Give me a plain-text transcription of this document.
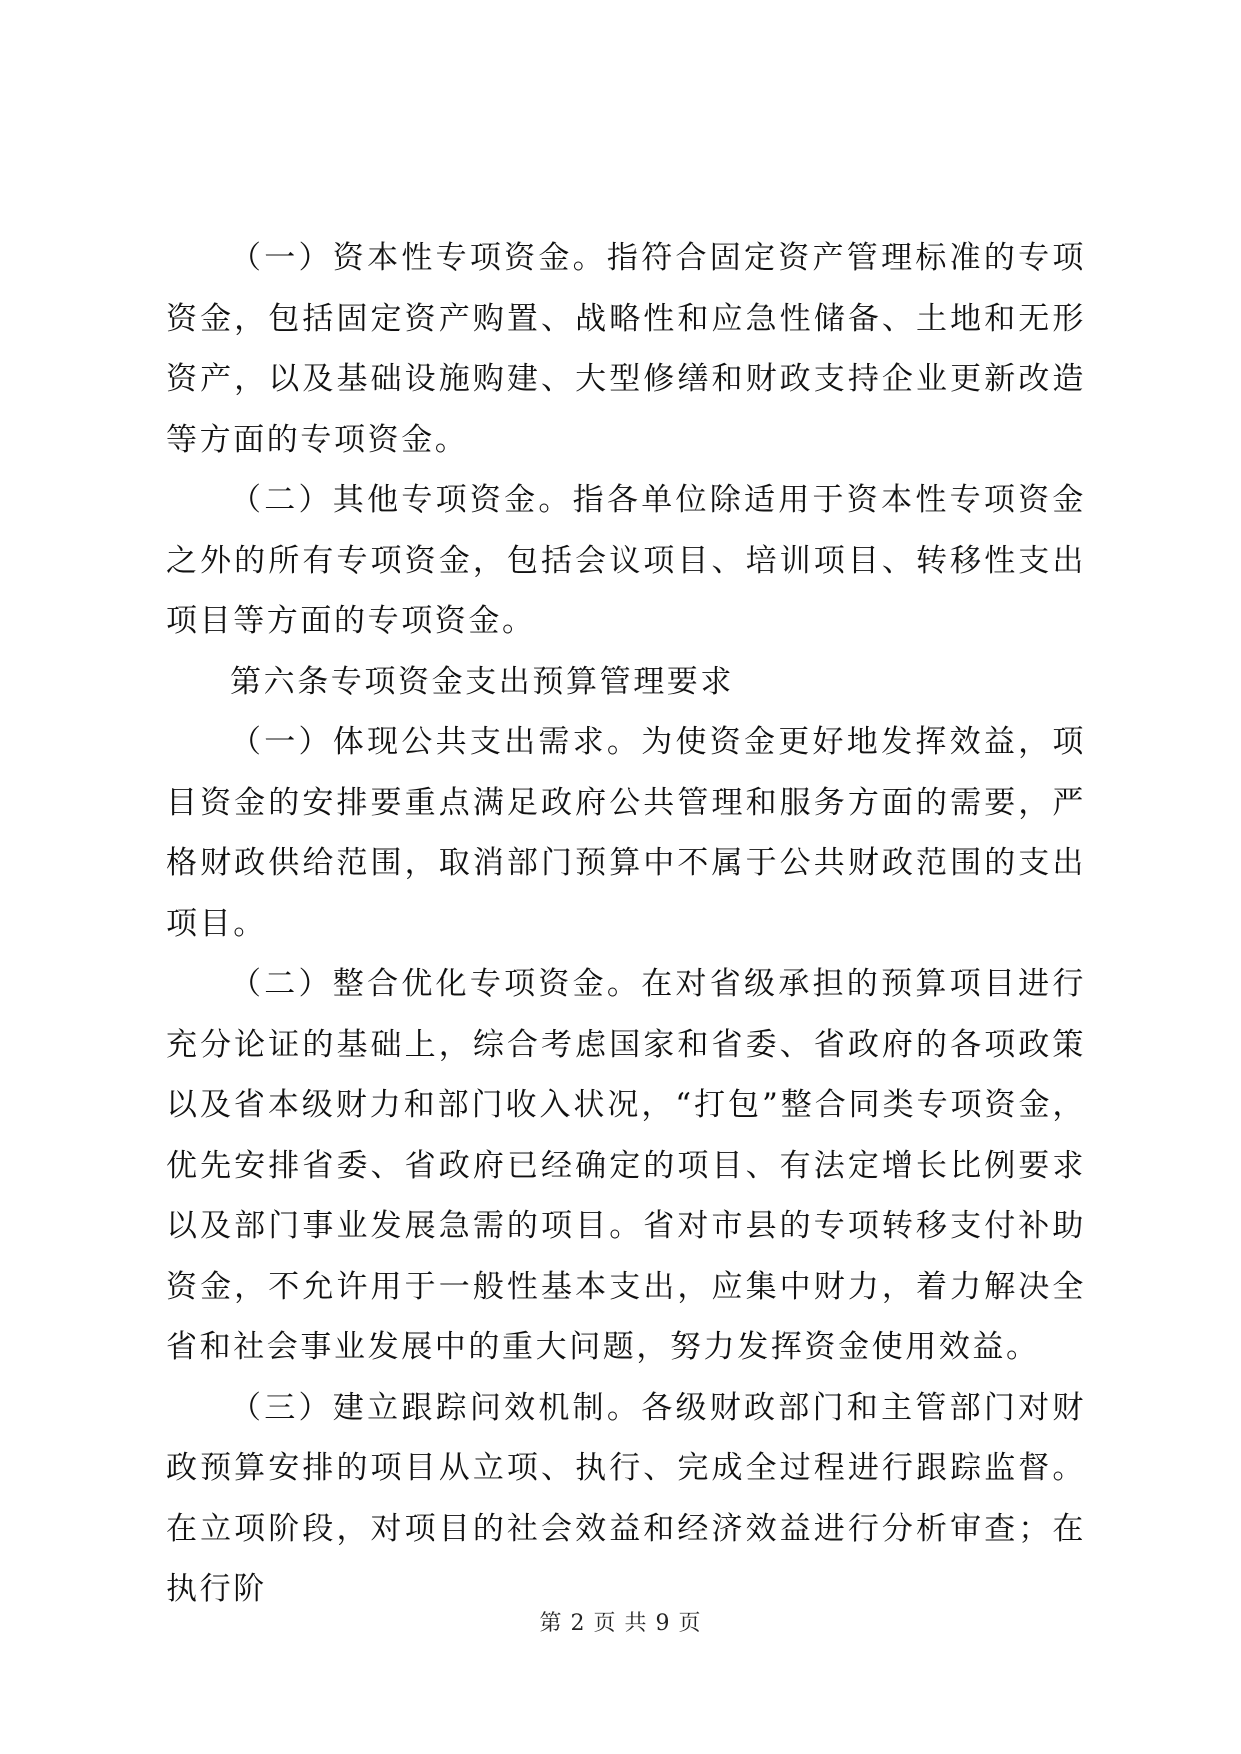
（一）资本性专项资金。指符合固定资产管理标准的专项资金，包括固定资产购置、战略性和应急性储备、土地和无形资产，以及基础设施购建、大型修缮和财政支持企业更新改造等方面的专项资金。

（二）其他专项资金。指各单位除适用于资本性专项资金之外的所有专项资金，包括会议项目、培训项目、转移性支出项目等方面的专项资金。

第六条专项资金支出预算管理要求

（一）体现公共支出需求。为使资金更好地发挥效益，项目资金的安排要重点满足政府公共管理和服务方面的需要，严格财政供给范围，取消部门预算中不属于公共财政范围的支出项目。

（二）整合优化专项资金。在对省级承担的预算项目进行充分论证的基础上，综合考虑国家和省委、省政府的各项政策以及省本级财力和部门收入状况，“打包”整合同类专项资金，优先安排省委、省政府已经确定的项目、有法定增长比例要求以及部门事业发展急需的项目。省对市县的专项转移支付补助资金，不允许用于一般性基本支出，应集中财力，着力解决全省和社会事业发展中的重大问题，努力发挥资金使用效益。

（三）建立跟踪问效机制。各级财政部门和主管部门对财政预算安排的项目从立项、执行、完成全过程进行跟踪监督。在立项阶段，对项目的社会效益和经济效益进行分析审查；在执行阶

第 2 页 共 9 页
